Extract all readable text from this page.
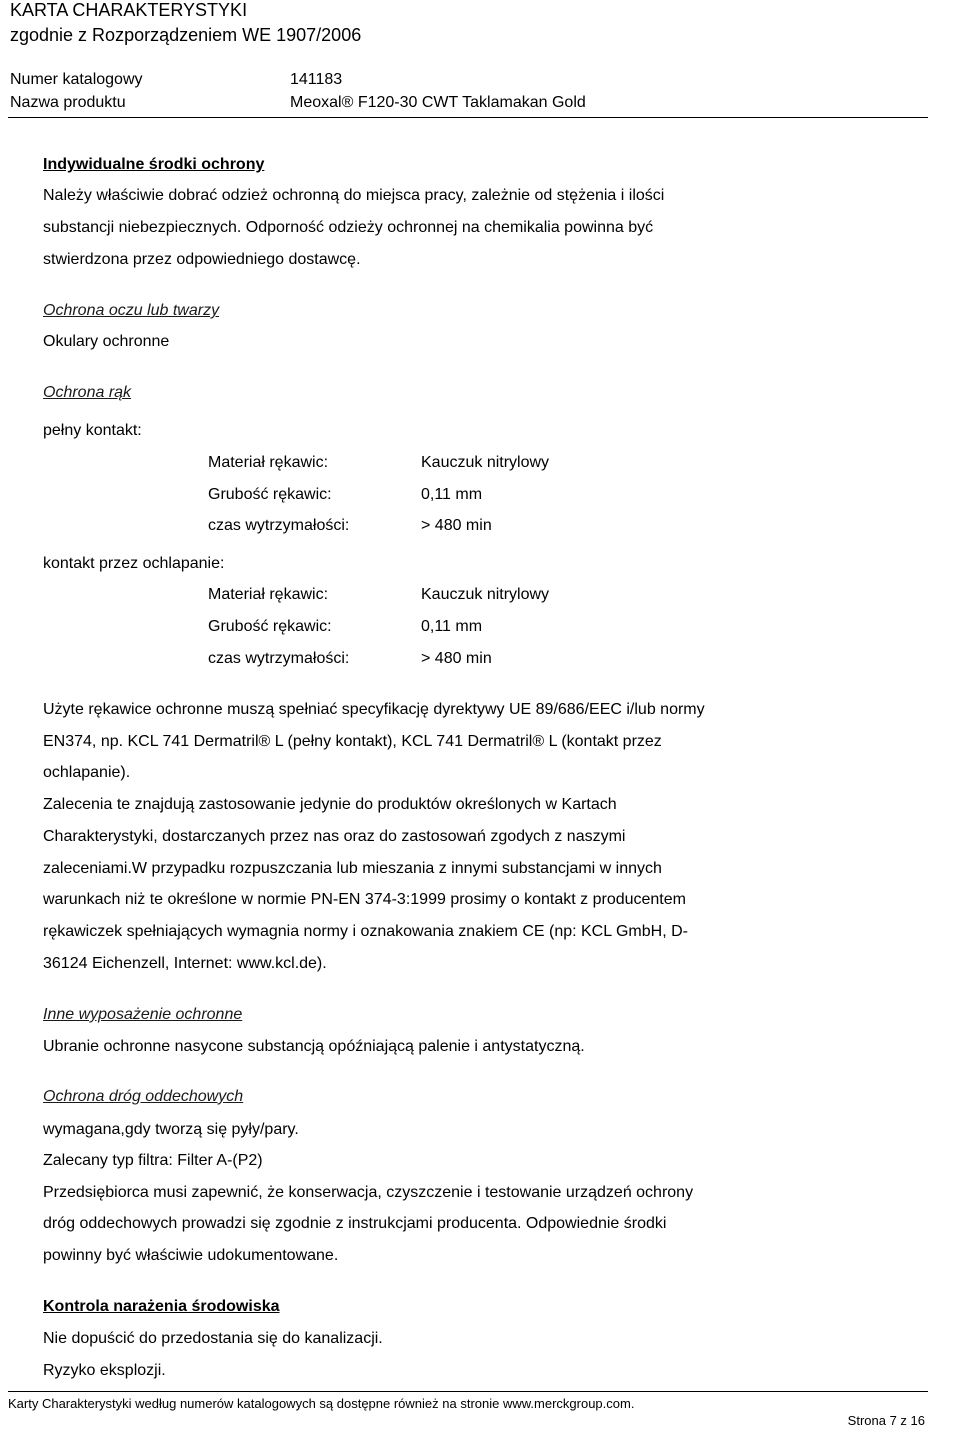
KARTA CHARAKTERYSTYKI
zgodnie z Rozporządzeniem WE 1907/2006
Numer katalogowy	141183
Nazwa produktu	Meoxal® F120-30 CWT Taklamakan Gold
Indywidualne środki ochrony
Należy właściwie dobrać odzież ochronną do miejsca pracy, zależnie od stężenia i ilości
substancji niebezpiecznych. Odporność odzieży ochronnej na chemikalia powinna być
stwierdzona przez odpowiedniego dostawcę.
Ochrona oczu lub twarzy
Okulary ochronne
Ochrona rąk
pełny kontakt:
Materiał rękawic:	Kauczuk nitrylowy
Grubość rękawic:	0,11 mm
czas wytrzymałości:	> 480 min
kontakt przez ochlapanie:
Materiał rękawic:	Kauczuk nitrylowy
Grubość rękawic:	0,11 mm
czas wytrzymałości:	> 480 min
Użyte rękawice ochronne muszą spełniać specyfikację dyrektywy UE 89/686/EEC i/lub normy
EN374, np. KCL 741 Dermatril® L (pełny kontakt), KCL 741 Dermatril® L (kontakt przez
ochlapanie).
Zalecenia te znajdują zastosowanie jedynie do produktów określonych w Kartach
Charakterystyki, dostarczanych przez nas oraz do zastosowań zgodych z naszymi
zaleceniami.W przypadku rozpuszczania lub mieszania z innymi substancjami w innych
warunkach niż te określone w normie PN-EN 374-3:1999 prosimy o kontakt z producentem
rękawiczek spełniających wymagnia normy i oznakowania znakiem CE (np: KCL GmbH, D-
36124 Eichenzell, Internet: www.kcl.de).
Inne wyposażenie ochronne
Ubranie ochronne nasycone substancją opóźniającą palenie i antystatyczną.
Ochrona dróg oddechowych
wymagana,gdy tworzą się pyły/pary.
Zalecany typ filtra: Filter A-(P2)
Przedsiębiorca musi zapewnić, że konserwacja, czyszczenie i testowanie urządzeń ochrony
dróg oddechowych prowadzi się zgodnie z instrukcjami producenta. Odpowiednie środki
powinny być właściwie udokumentowane.
Kontrola narażenia środowiska
Nie dopuścić do przedostania się do kanalizacji.
Ryzyko eksplozji.
Karty Charakterystyki według numerów katalogowych są dostępne również na stronie www.merckgroup.com.
Strona 7 z 16
